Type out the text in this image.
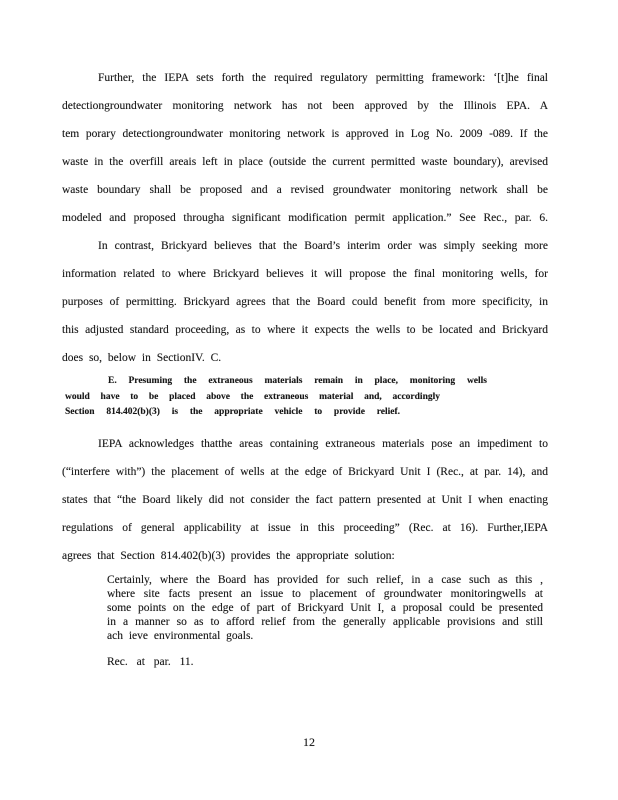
Further, the IEPA sets forth the required regulatory permitting framework: ‘[t]he final
detectiongroundwater monitoring network has not been approved by the Illinois EPA. A
tem porary detectiongroundwater monitoring network is approved in Log No. 2009 -089. If the
waste in the overfill areais left in place (outside the current permitted waste boundary), arevised
waste boundary shall be proposed and a revised groundwater monitoring network shall be
modeled and proposed througha significant modification permit application.” See Rec., par. 6.
In contrast, Brickyard believes that the Board’s interim order was simply seeking more
information related to where Brickyard believes it will propose the final monitoring wells, for
purposes of permitting. Brickyard agrees that the Board could benefit from more specificity, in
this adjusted standard proceeding, as to where it expects the wells to be located and Brickyard
does so, below in SectionIV. C.
E. Presuming the extraneous materials remain in place, monitoring wells
would have to be placed above the extraneous material and, accordingly
Section 814.402(b)(3) is the appropriate vehicle to provide relief.
IEPA acknowledges thatthe areas containing extraneous materials pose an impediment to
(“interfere with”) the placement of wells at the edge of Brickyard Unit I (Rec., at par. 14), and
states that “the Board likely did not consider the fact pattern presented at Unit I when enacting
regulations of general applicability at issue in this proceeding” (Rec. at 16). Further,IEPA
agrees that Section 814.402(b)(3) provides the appropriate solution:
Certainly, where the Board has provided for such relief, in a case such as this ,
where site facts present an issue to placement of groundwater monitoringwells at
some points on the edge of part of Brickyard Unit I, a proposal could be presented
in a manner so as to afford relief from the generally applicable provisions and still
ach ieve environmental goals.
Rec. at par. 11.
12
